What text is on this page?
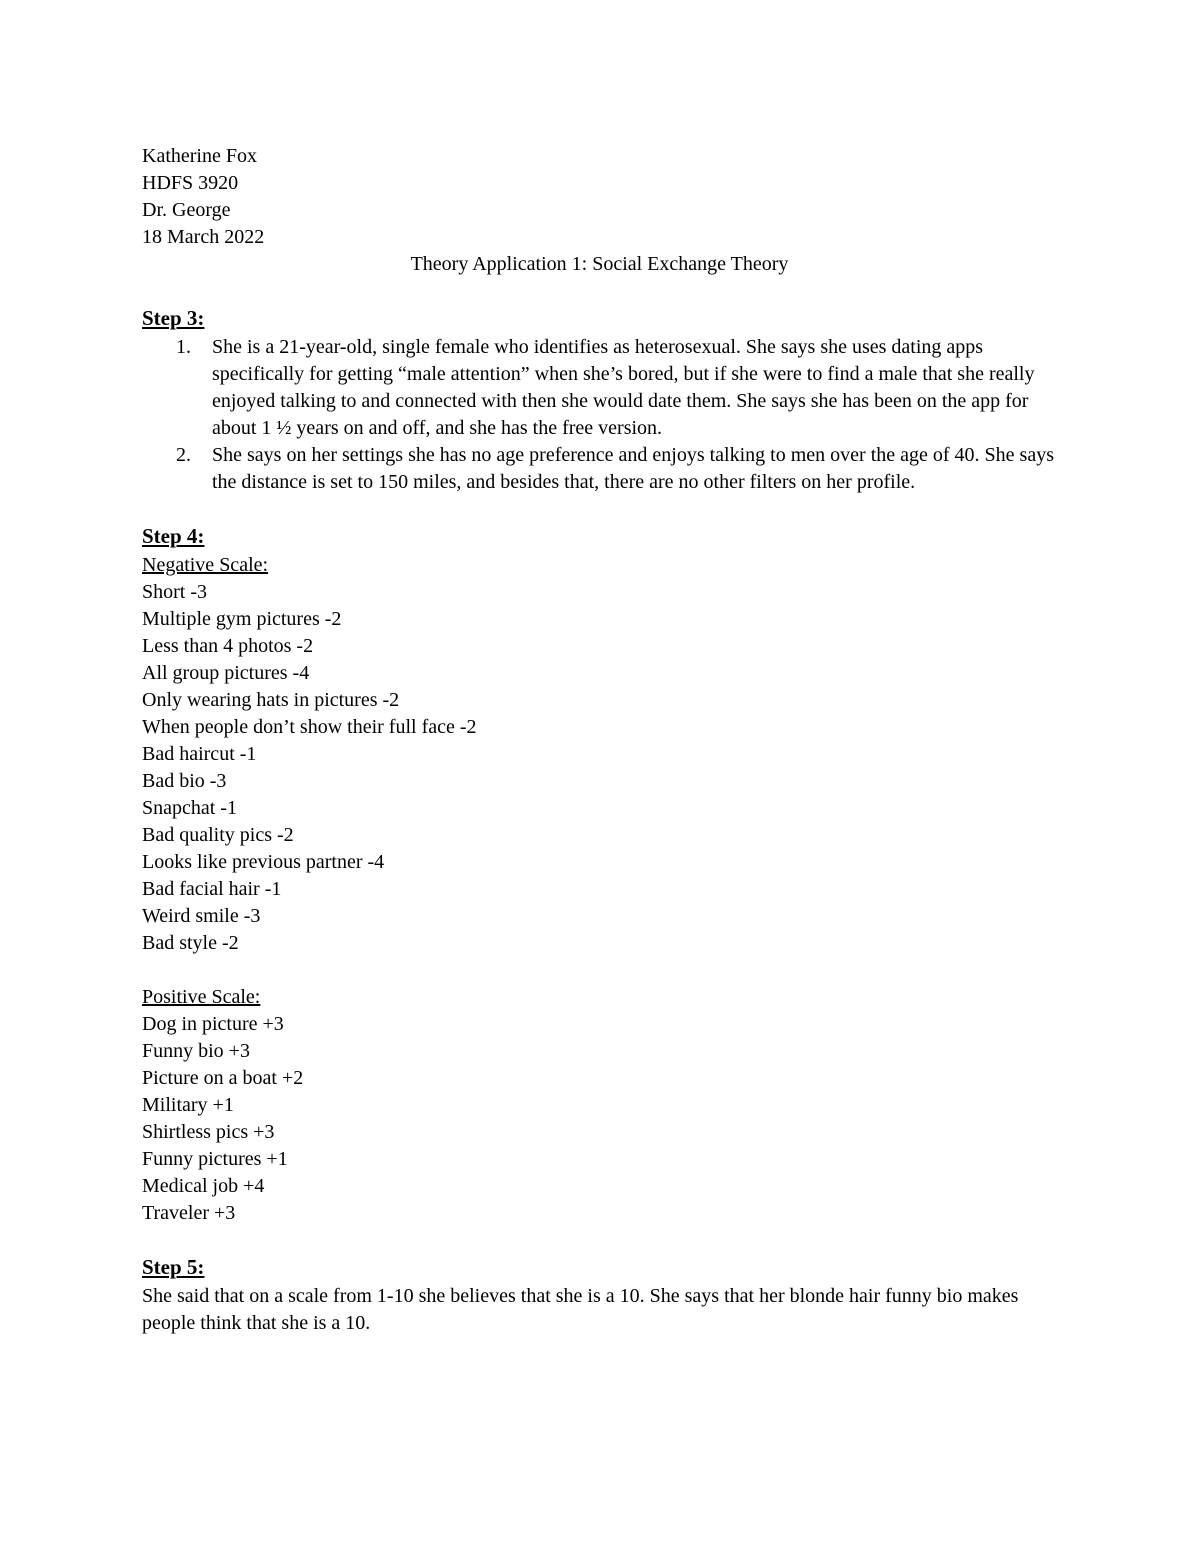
Katherine Fox
HDFS 3920
Dr. George
18 March 2022
Theory Application 1: Social Exchange Theory
Step 3:
1. She is a 21-year-old, single female who identifies as heterosexual. She says she uses dating apps specifically for getting “male attention” when she’s bored, but if she were to find a male that she really enjoyed talking to and connected with then she would date them. She says she has been on the app for about 1 ½ years on and off, and she has the free version.
2. She says on her settings she has no age preference and enjoys talking to men over the age of 40. She says the distance is set to 150 miles, and besides that, there are no other filters on her profile.
Step 4:
Negative Scale:
Short -3
Multiple gym pictures -2
Less than 4 photos -2
All group pictures -4
Only wearing hats in pictures -2
When people don’t show their full face -2
Bad haircut -1
Bad bio -3
Snapchat -1
Bad quality pics -2
Looks like previous partner -4
Bad facial hair -1
Weird smile -3
Bad style -2
Positive Scale:
Dog in picture +3
Funny bio +3
Picture on a boat +2
Military +1
Shirtless pics +3
Funny pictures +1
Medical job +4
Traveler +3
Step 5:
She said that on a scale from 1-10 she believes that she is a 10. She says that her blonde hair funny bio makes people think that she is a 10.
